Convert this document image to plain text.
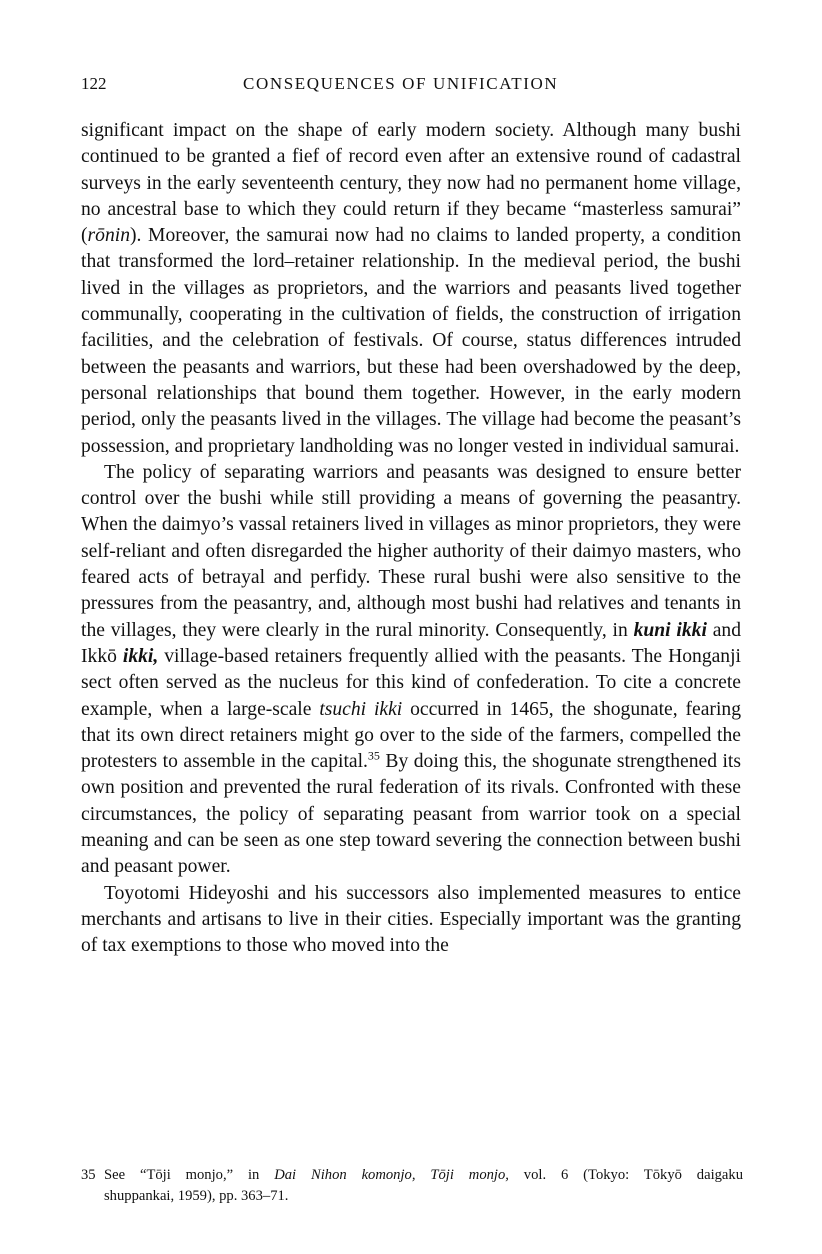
122	CONSEQUENCES OF UNIFICATION

significant impact on the shape of early modern society. Although many bushi continued to be granted a fief of record even after an extensive round of cadastral surveys in the early seventeenth century, they now had no permanent home village, no ancestral base to which they could return if they became “masterless samurai” (rōnin). Moreover, the samurai now had no claims to landed property, a condition that transformed the lord–retainer relationship. In the medieval period, the bushi lived in the villages as proprietors, and the warriors and peasants lived together communally, cooperating in the cultivation of fields, the construction of irrigation facilities, and the celebration of festivals. Of course, status differences intruded between the peasants and warriors, but these had been overshadowed by the deep, personal relationships that bound them together. However, in the early modern period, only the peasants lived in the villages. The village had become the peasant’s possession, and proprietary landholding was no longer vested in individual samurai.

The policy of separating warriors and peasants was designed to ensure better control over the bushi while still providing a means of governing the peasantry. When the daimyo’s vassal retainers lived in villages as minor proprietors, they were self-reliant and often disregarded the higher authority of their daimyo masters, who feared acts of betrayal and perfidy. These rural bushi were also sensitive to the pressures from the peasantry, and, although most bushi had relatives and tenants in the villages, they were clearly in the rural minority. Consequently, in kuni ikki and Ikkō ikki, village-based retainers frequently allied with the peasants. The Honganji sect often served as the nucleus for this kind of confederation. To cite a concrete example, when a large-scale tsuchi ikki occurred in 1465, the shogunate, fearing that its own direct retainers might go over to the side of the farmers, compelled the protesters to assemble in the capital.$^{35}$ By doing this, the shogunate strengthened its own position and prevented the rural federation of its rivals. Confronted with these circumstances, the policy of separating peasant from warrior took on a special meaning and can be seen as one step toward severing the connection between bushi and peasant power.

Toyotomi Hideyoshi and his successors also implemented measures to entice merchants and artisans to live in their cities. Especially important was the granting of tax exemptions to those who moved into the

35 See “Tōji monjo,” in Dai Nihon komonjo, Tōji monjo, vol. 6 (Tokyo: Tōkyō daigaku
shuppankai, 1959), pp. 363–71.
